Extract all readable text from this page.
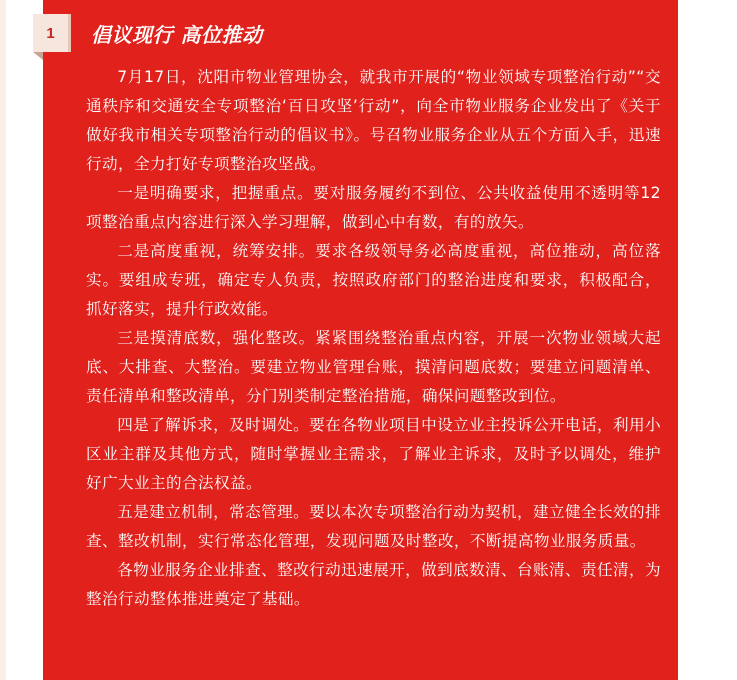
1 倡议现行 高位推动

7月17日，沈阳市物业管理协会，就我市开展的“物业领域专项整治行动”“交通秩序和交通安全专项整治‘百日攻坚’行动”，向全市物业服务企业发出了《关于做好我市相关专项整治行动的倡议书》。号召物业服务企业从五个方面入手，迅速行动，全力打好专项整治攻坚战。

一是明确要求，把握重点。要对服务履约不到位、公共收益使用不透明等12项整治重点内容进行深入学习理解，做到心中有数，有的放矢。

二是高度重视，统筹安排。要求各级领导务必高度重视，高位推动，高位落实。要组成专班，确定专人负责，按照政府部门的整治进度和要求，积极配合，抓好落实，提升行政效能。

三是摸清底数，强化整改。紧紧围绕整治重点内容，开展一次物业领域大起底、大排查、大整治。要建立物业管理台账，摸清问题底数；要建立问题清单、责任清单和整改清单，分门别类制定整治措施，确保问题整改到位。

四是了解诉求，及时调处。要在各物业项目中设立业主投诉公开电话，利用小区业主群及其他方式，随时掌握业主需求，了解业主诉求，及时予以调处，维护好广大业主的合法权益。

五是建立机制，常态管理。要以本次专项整治行动为契机，建立健全长效的排查、整改机制，实行常态化管理，发现问题及时整改，不断提高物业服务质量。

各物业服务企业排查、整改行动迅速展开，做到底数清、台账清、责任清，为整治行动整体推进奠定了基础。
